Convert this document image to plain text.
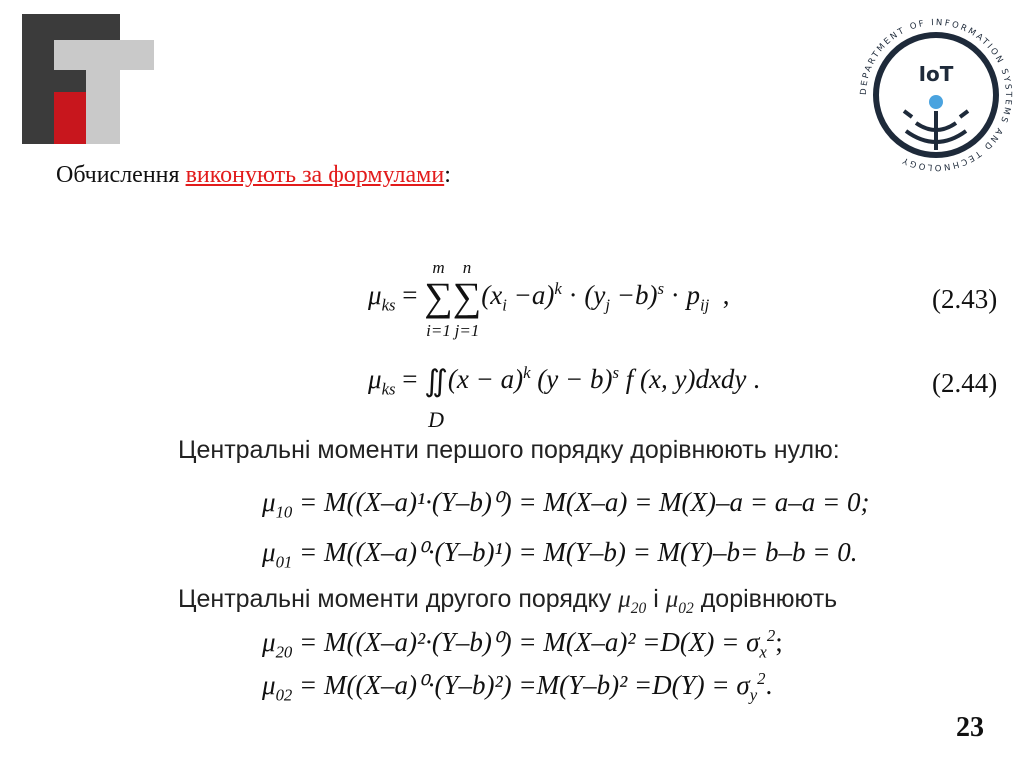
DEPARTMENT OF INFORMATION SYSTEMS AND TECHNOLOGY
IoT
Обчислення виконують за формулами:
$\mu_{ks}$ =
m
∑
i=1
n
∑
j=1
$(x_i -a)^k \cdot (y_j -b)^s \cdot p_{ij}$  ,	(2.43)
$\mu_{ks}$ = ∬
D
$(x - a)^k$ $(y - b)^s$ f (x, y)dxdy .	(2.44)
Центральні моменти першого порядку дорівнюють нулю:
$\mu_{10} = M((X-a)^1\cdot(Y-b)^0) = M(X-a) = M(X)-a = a-a = 0$;
$\mu_{01} = M((X-a)^0\cdot(Y-b)^1) = M(Y-b) = M(Y)-b= b-b = 0$.
Центральні моменти другого порядку $\mu_{20}$ і $\mu_{02}$ дорівнюють
$\mu_{20} = M((X-a)^2\cdot(Y-b)^0) = M(X-a)^2 =D(X) = \sigma_x^2$;
$\mu_{02} = M((X-a)^0\cdot(Y-b)^2) =M(Y-b)^2 =D(Y) = \sigma_y^2$.
23
